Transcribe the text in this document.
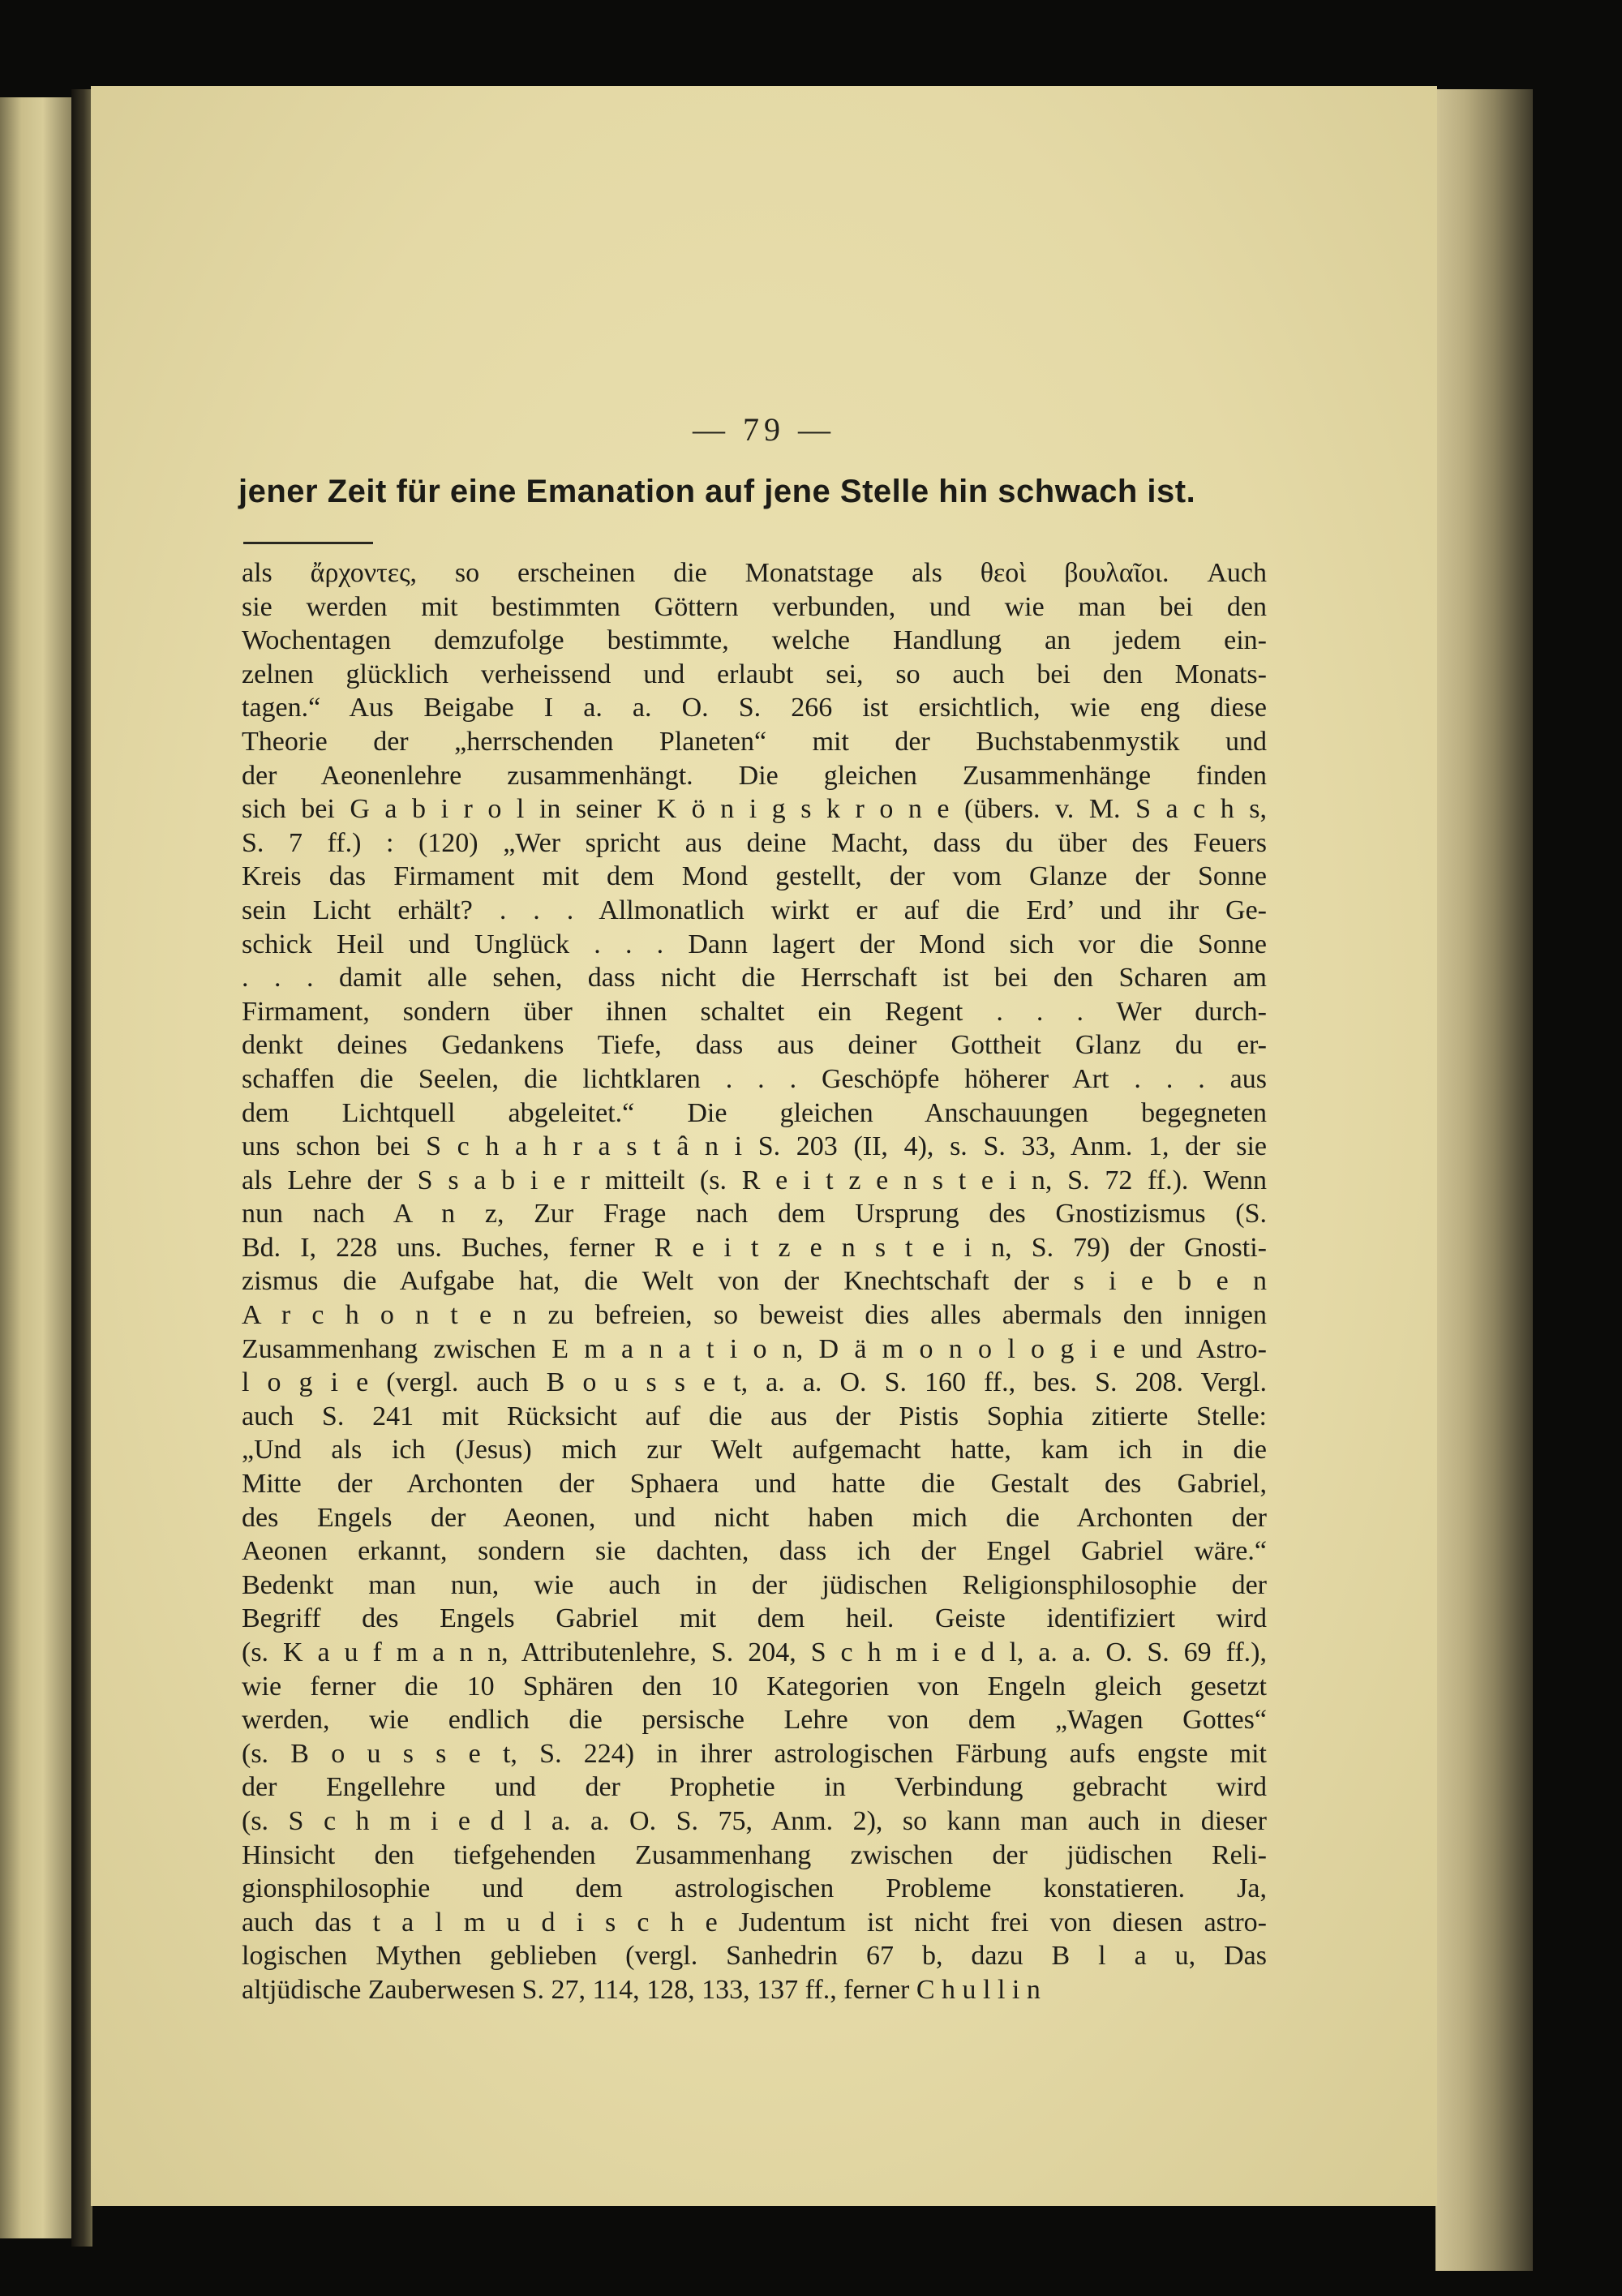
— 79 —
jener Zeit für eine Emanation auf jene Stelle hin schwach ist.
als ἄρχοντες, so erscheinen die Monatstage als θεοὶ βουλαῖοι. Auch
sie werden mit bestimmten Göttern verbunden, und wie man bei den
Wochentagen demzufolge bestimmte, welche Handlung an jedem ein-
zelnen glücklich verheissend und erlaubt sei, so auch bei den Monats-
tagen.“ Aus Beigabe I a. a. O. S. 266 ist ersichtlich, wie eng diese
Theorie der „herrschenden Planeten“ mit der Buchstabenmystik und
der Aeonenlehre zusammenhängt. Die gleichen Zusammenhänge finden
sich bei G a b i r o l in seiner K ö n i g s k r o n e (übers. v. M. S a c h s,
S. 7 ff.) : (120) „Wer spricht aus deine Macht, dass du über des Feuers
Kreis das Firmament mit dem Mond gestellt, der vom Glanze der Sonne
sein Licht erhält? . . . Allmonatlich wirkt er auf die Erd’ und ihr Ge-
schick Heil und Unglück . . . Dann lagert der Mond sich vor die Sonne
. . . damit alle sehen, dass nicht die Herrschaft ist bei den Scharen am
Firmament, sondern über ihnen schaltet ein Regent . . . Wer durch-
denkt deines Gedankens Tiefe, dass aus deiner Gottheit Glanz du er-
schaffen die Seelen, die lichtklaren . . . Geschöpfe höherer Art . . . aus
dem Lichtquell abgeleitet.“ Die gleichen Anschauungen begegneten
uns schon bei S c h a h r a s t â n i S. 203 (II, 4), s. S. 33, Anm. 1, der sie
als Lehre der S s a b i e r mitteilt (s. R e i t z e n s t e i n, S. 72 ff.). Wenn
nun nach A n z, Zur Frage nach dem Ursprung des Gnostizismus (S.
Bd. I, 228 uns. Buches, ferner R e i t z e n s t e i n, S. 79) der Gnosti-
zismus die Aufgabe hat, die Welt von der Knechtschaft der s i e b e n
A r c h o n t e n zu befreien, so beweist dies alles abermals den innigen
Zusammenhang zwischen E m a n a t i o n, D ä m o n o l o g i e und Astro-
l o g i e (vergl. auch B o u s s e t, a. a. O. S. 160 ff., bes. S. 208. Vergl.
auch S. 241 mit Rücksicht auf die aus der Pistis Sophia zitierte Stelle:
„Und als ich (Jesus) mich zur Welt aufgemacht hatte, kam ich in die
Mitte der Archonten der Sphaera und hatte die Gestalt des Gabriel,
des Engels der Aeonen, und nicht haben mich die Archonten der
Aeonen erkannt, sondern sie dachten, dass ich der Engel Gabriel wäre.“
Bedenkt man nun, wie auch in der jüdischen Religionsphilosophie der
Begriff des Engels Gabriel mit dem heil. Geiste identifiziert wird
(s. K a u f m a n n, Attributenlehre, S. 204, S c h m i e d l, a. a. O. S. 69 ff.),
wie ferner die 10 Sphären den 10 Kategorien von Engeln gleich gesetzt
werden, wie endlich die persische Lehre von dem „Wagen Gottes“
(s. B o u s s e t, S. 224) in ihrer astrologischen Färbung aufs engste mit
der Engellehre und der Prophetie in Verbindung gebracht wird
(s. S c h m i e d l a. a. O. S. 75, Anm. 2), so kann man auch in dieser
Hinsicht den tiefgehenden Zusammenhang zwischen der jüdischen Reli-
gionsphilosophie und dem astrologischen Probleme konstatieren. Ja,
auch das t a l m u d i s c h e Judentum ist nicht frei von diesen astro-
logischen Mythen geblieben (vergl. Sanhedrin 67 b, dazu B l a u, Das
altjüdische Zauberwesen S. 27, 114, 128, 133, 137 ff., ferner C h u l l i n
